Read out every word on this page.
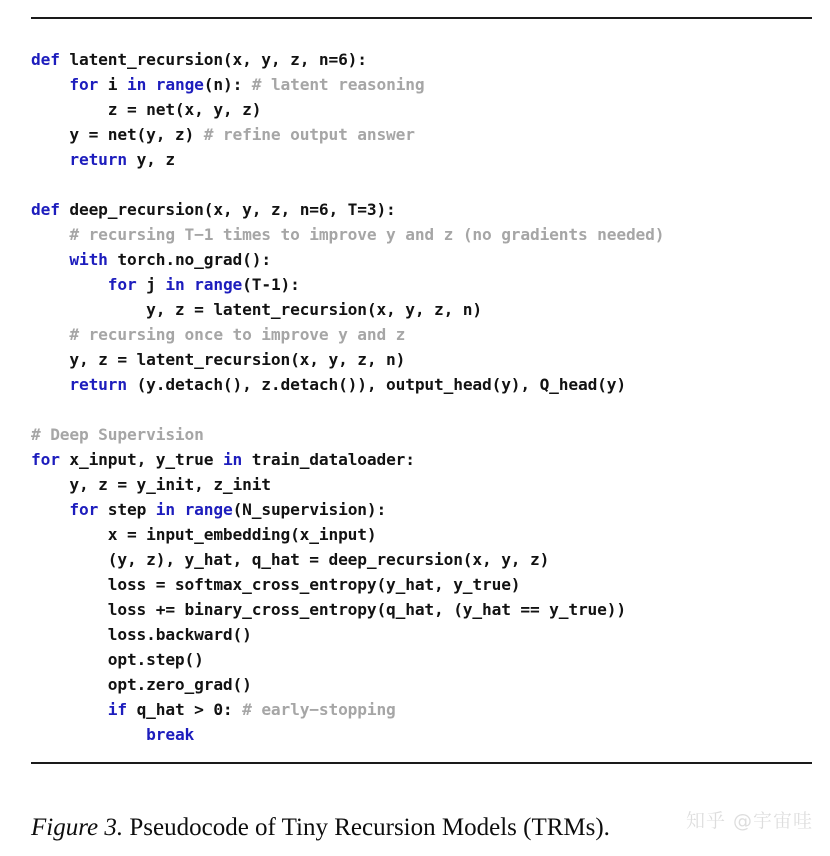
def latent_recursion(x, y, z, n=6):
for i in range(n): # latent reasoning
z = net(x, y, z)
y = net(y, z) # refine output answer
return y, z

def deep_recursion(x, y, z, n=6, T=3):
# recursing T−1 times to improve y and z (no gradients needed)
with torch.no_grad():
for j in range(T-1):
y, z = latent_recursion(x, y, z, n)
# recursing once to improve y and z
y, z = latent_recursion(x, y, z, n)
return (y.detach(), z.detach()), output_head(y), Q_head(y)

# Deep Supervision
for x_input, y_true in train_dataloader:
y, z = y_init, z_init
for step in range(N_supervision):
x = input_embedding(x_input)
(y, z), y_hat, q_hat = deep_recursion(x, y, z)
loss = softmax_cross_entropy(y_hat, y_true)
loss += binary_cross_entropy(q_hat, (y_hat == y_true))
loss.backward()
opt.step()
opt.zero_grad()
if q_hat > 0: # early−stopping
break
Figure 3. Pseudocode of Tiny Recursion Models (TRMs).	知乎 @宇宙哇
